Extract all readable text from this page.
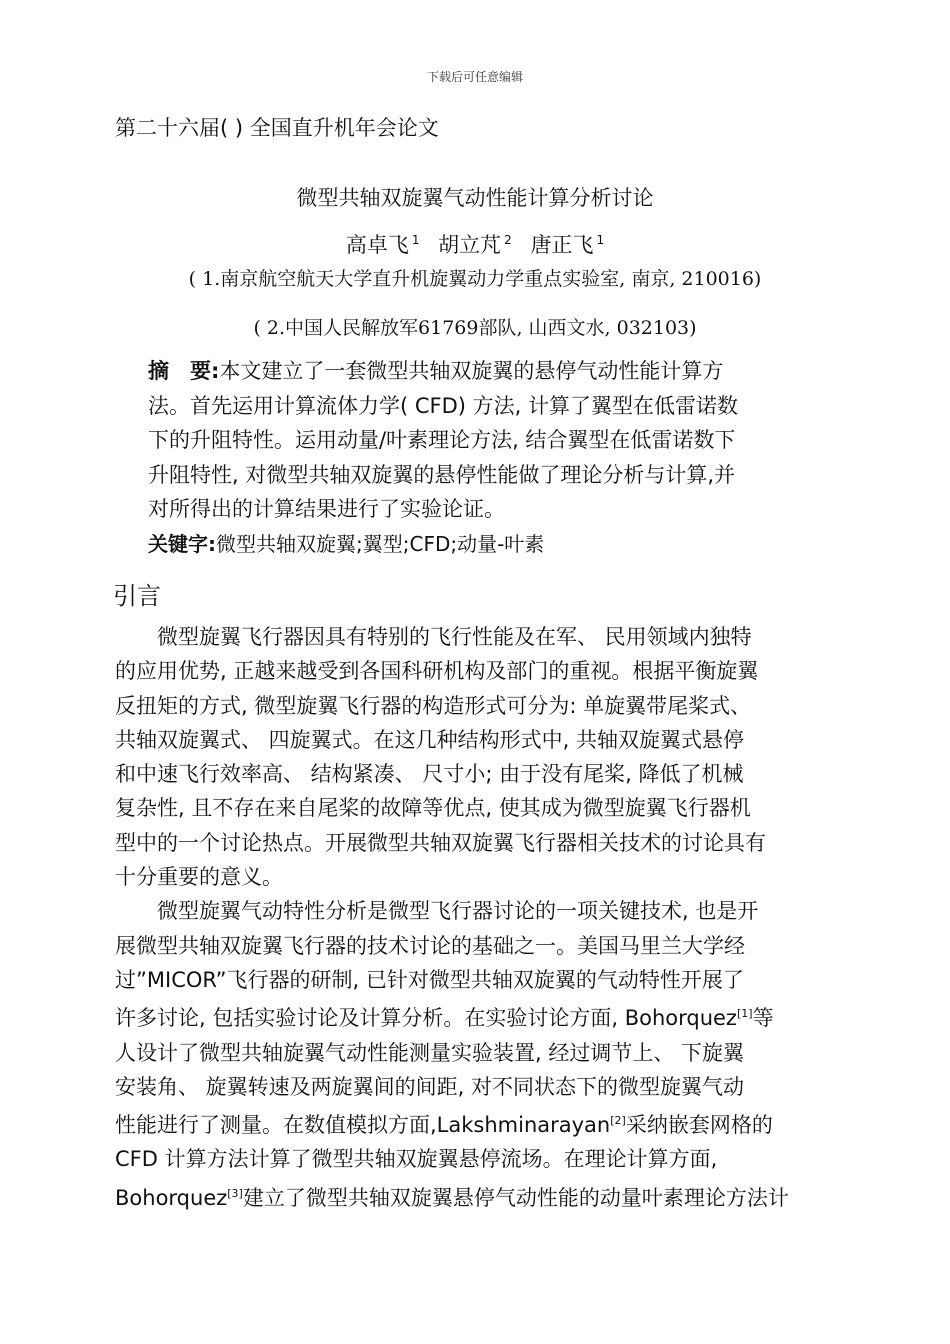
下载后可任意编辑
第二十六届( ) 全国直升机年会论文
微型共轴双旋翼气动性能计算分析讨论
高卓飞 $^1$ 胡立芃 $^2$ 唐正飞 $^1$
( 1.南京航空航天大学直升机旋翼动力学重点实验室, 南京, 210016)
( 2.中国人民解放军61769部队, 山西文水, 032103)
摘　要:本文建立了一套微型共轴双旋翼的悬停气动性能计算方
法。首先运用计算流体力学( CFD) 方法, 计算了翼型在低雷诺数
下的升阻特性。运用动量/叶素理论方法, 结合翼型在低雷诺数下
升阻特性, 对微型共轴双旋翼的悬停性能做了理论分析与计算,并
对所得出的计算结果进行了实验论证。
关键字:微型共轴双旋翼;翼型;CFD;动量-叶素
引言
微型旋翼飞行器因具有特别的飞行性能及在军、 民用领域内独特
的应用优势, 正越来越受到各国科研机构及部门的重视。根据平衡旋翼
反扭矩的方式, 微型旋翼飞行器的构造形式可分为: 单旋翼带尾桨式、
共轴双旋翼式、 四旋翼式。在这几种结构形式中, 共轴双旋翼式悬停
和中速飞行效率高、 结构紧凑、 尺寸小; 由于没有尾桨, 降低了机械
复杂性, 且不存在来自尾桨的故障等优点, 使其成为微型旋翼飞行器机
型中的一个讨论热点。开展微型共轴双旋翼飞行器相关技术的讨论具有
十分重要的意义。
微型旋翼气动特性分析是微型飞行器讨论的一项关键技术, 也是开
展微型共轴双旋翼飞行器的技术讨论的基础之一。美国马里兰大学经
过”MICOR”飞行器的研制, 已针对微型共轴双旋翼的气动特性开展了
许多讨论, 包括实验讨论及计算分析。在实验讨论方面, Bohorquez[1]等
人设计了微型共轴旋翼气动性能测量实验装置, 经过调节上、 下旋翼
安装角、 旋翼转速及两旋翼间的间距, 对不同状态下的微型旋翼气动
性能进行了测量。在数值模拟方面,Lakshminarayan[2]采纳嵌套网格的
CFD 计算方法计算了微型共轴双旋翼悬停流场。在理论计算方面,
Bohorquez[3]建立了微型共轴双旋翼悬停气动性能的动量叶素理论方法计
